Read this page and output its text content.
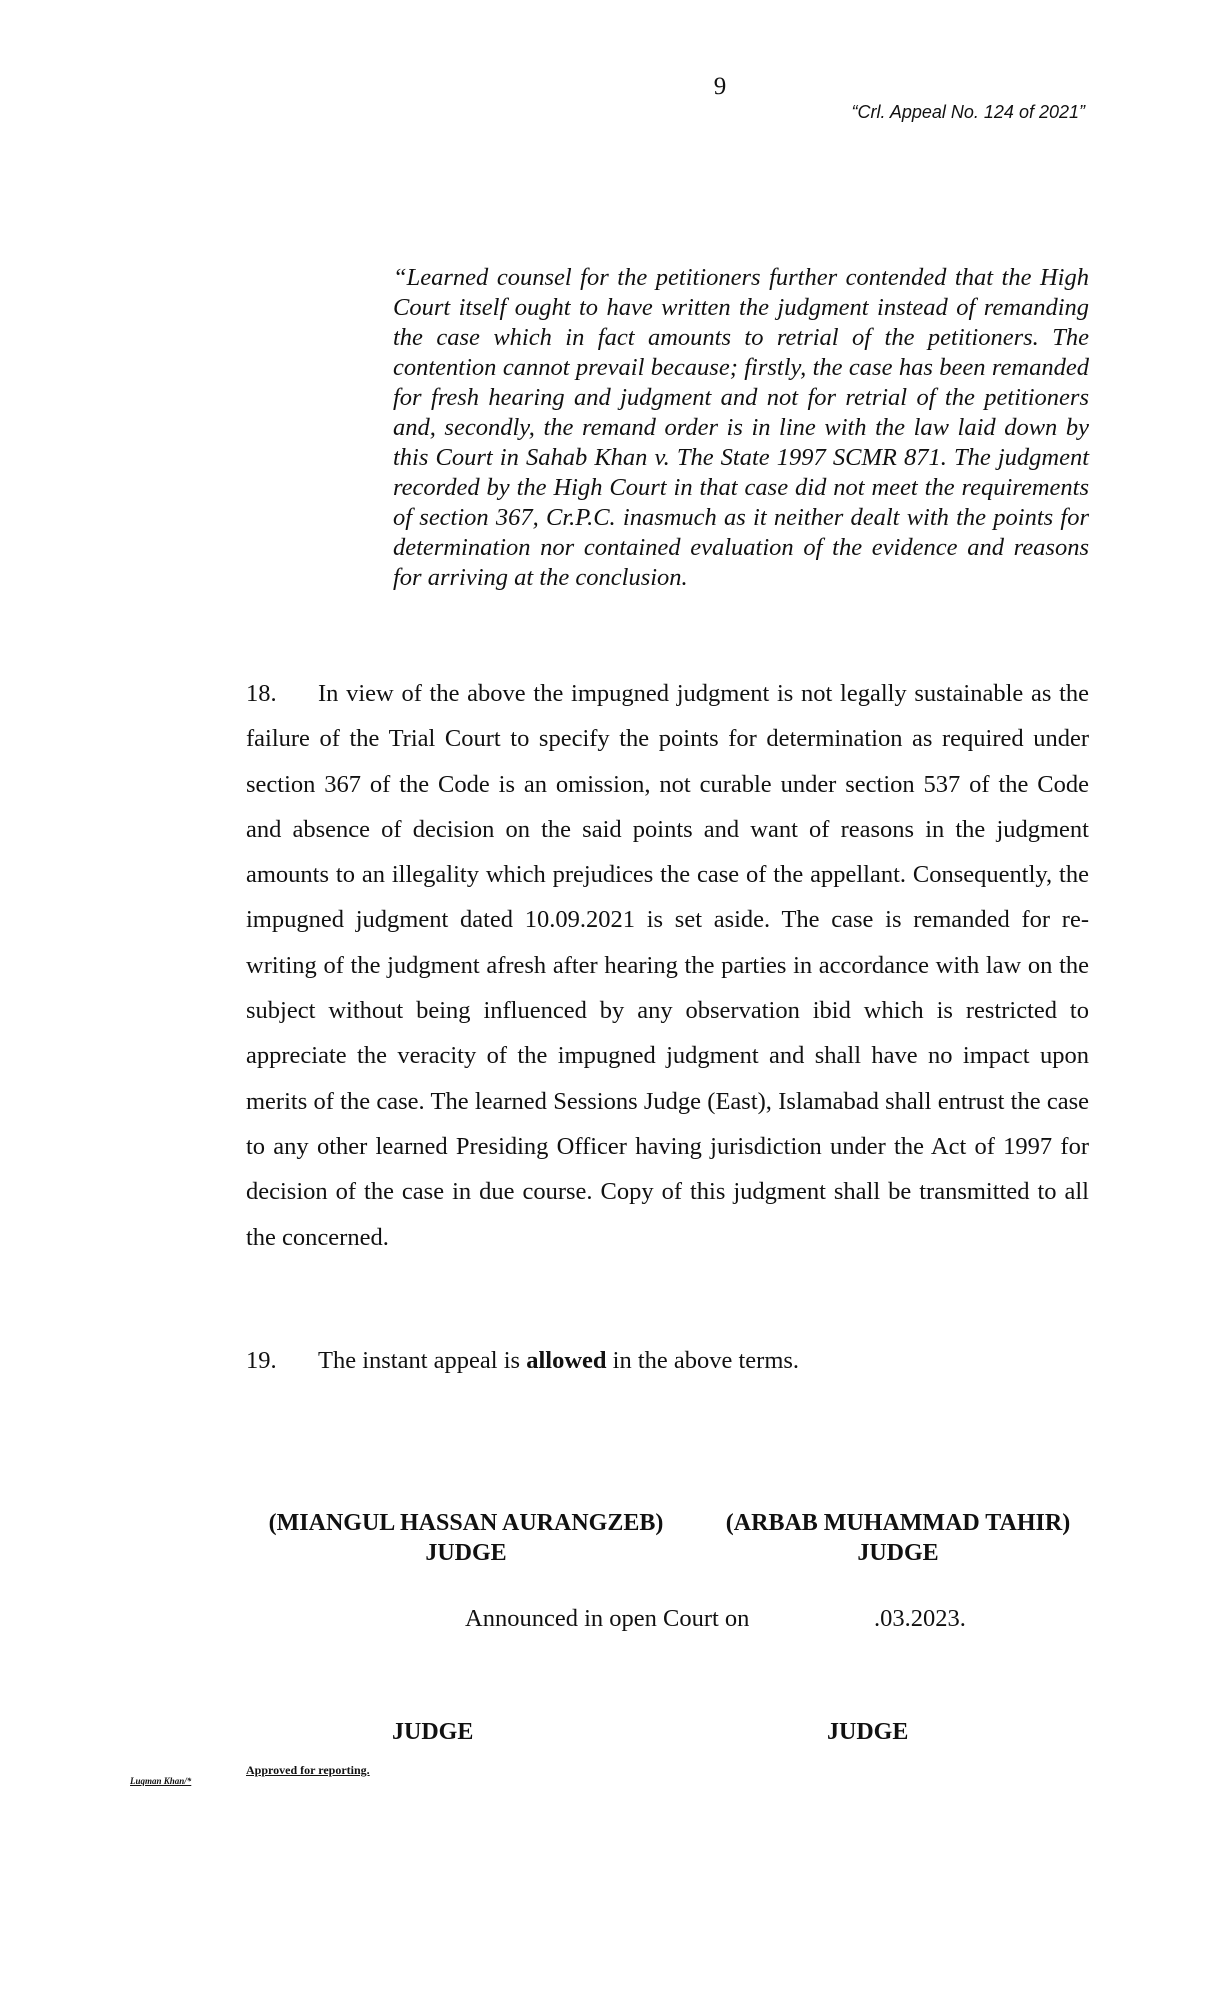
9
“Crl. Appeal No. 124 of 2021”
“Learned counsel for the petitioners further contended that the High Court itself ought to have written the judgment instead of remanding the case which in fact amounts to retrial of the petitioners. The contention cannot prevail because; firstly, the case has been remanded for fresh hearing and judgment and not for retrial of the petitioners and, secondly, the remand order is in line with the law laid down by this Court in Sahab Khan v. The State 1997 SCMR 871. The judgment recorded by the High Court in that case did not meet the requirements of section 367, Cr.P.C. inasmuch as it neither dealt with the points for determination nor contained evaluation of the evidence and reasons for arriving at the conclusion.
18. In view of the above the impugned judgment is not legally sustainable as the failure of the Trial Court to specify the points for determination as required under section 367 of the Code is an omission, not curable under section 537 of the Code and absence of decision on the said points and want of reasons in the judgment amounts to an illegality which prejudices the case of the appellant. Consequently, the impugned judgment dated 10.09.2021 is set aside. The case is remanded for re-writing of the judgment afresh after hearing the parties in accordance with law on the subject without being influenced by any observation ibid which is restricted to appreciate the veracity of the impugned judgment and shall have no impact upon merits of the case. The learned Sessions Judge (East), Islamabad shall entrust the case to any other learned Presiding Officer having jurisdiction under the Act of 1997 for decision of the case in due course. Copy of this judgment shall be transmitted to all the concerned.
19. The instant appeal is allowed in the above terms.
(MIANGUL HASSAN AURANGZEB)
JUDGE
(ARBAB MUHAMMAD TAHIR)
JUDGE
Announced in open Court on	.03.2023.
JUDGE	JUDGE
Approved for reporting.
Luqman Khan/*
